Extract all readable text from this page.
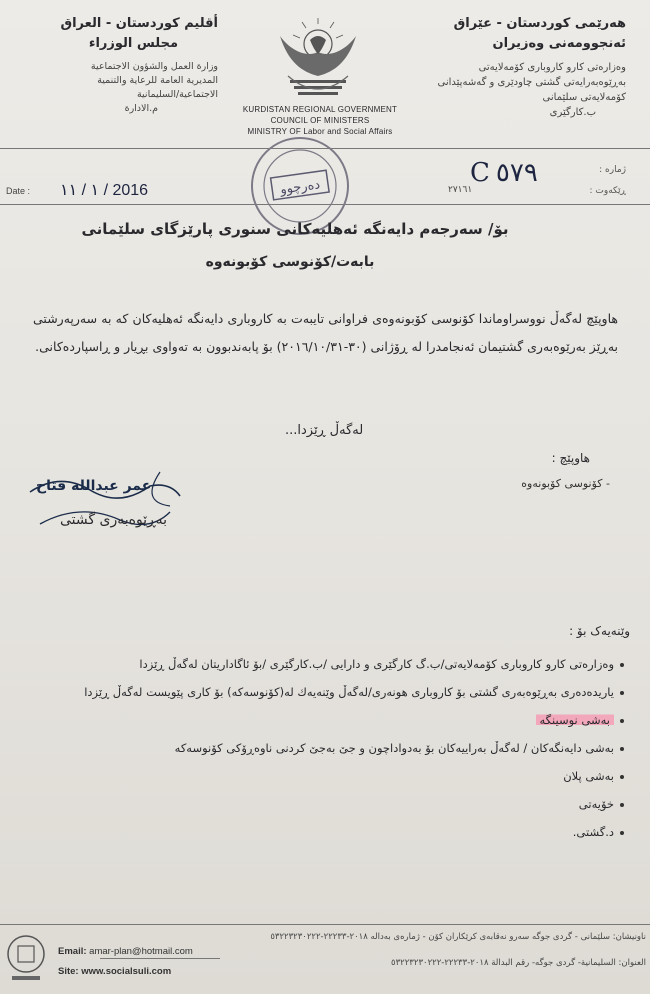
هەرێمی کوردستان - عێراق
ئەنجوومەنی وەزیران
وەزارەتی کارو کاروباری کۆمەلایەتی
بەڕێوەبەرایەتی گشتی چاودێری و گەشەپێدانی
کۆمەلایەتی سلێمانی
ب.کارگێری
أقليم كوردستان - العراق
مجلس الوزراء
وزارة العمل والشؤون الاجتماعية
المديرية العامة للرعاية والتنمية
الاجتماعية/السليمانية
م.الادارة	KURDISTAN REGIONAL GOVERNMENT
COUNCIL OF MINISTERS
MINISTRY OF Labor and Social Affairs
ژمارە :
ڕێکەوت :
C٥٧٩
٢٧١٦١
Date : ١ / ١١ / 2016	دەرچوو
بۆ/ سەرجەم دایەنگە ئەهلیەکانی سنوری پارێزگای سلێمانی
بابەت/کۆنوسی کۆبونەوە
هاوپێچ لەگەڵ نووسراوماندا کۆنوسی کۆبونەوەی فراوانی تایبەت بە کاروباری دایەنگە ئەهلیەکان کە بە سەرپەرشتی بەڕێز بەرێوەبەری گشتیمان ئەنجامدرا لە ڕۆژانی (٣٠-٢٠١٦/١٠/٣١) بۆ پابەندبوون بە تەواوی بڕیار و ڕاسپاردەکانی.
لەگەڵ ڕێزدا...
هاوپێچ :
- کۆنوسی کۆبونەوە
عمر عبدالله فتاح
بەڕێوەبەری گشتی
وێنەیەک بۆ :
وەزارەتی کارو کاروباری کۆمەلایەتی/ب.گ کارگێری و دارایی /ب.کارگێری /بۆ ئاگاداریتان لەگەڵ ڕێزدا
یاریدەدەری بەڕێوەبەری گشتی بۆ کاروباری هونەری/لەگەڵ وێنەیەك لە(کۆنوسەکە) بۆ کاری پێویست لەگەڵ ڕێزدا
بەشی نوسینگە
بەشی دایەنگەکان / لەگەڵ بەراییەکان بۆ بەدواداچون و جێ بەجێ کردنی ناوەڕۆکی کۆنوسەکە
بەشی پلان
خۆیەتی
د.گشتی.
ناونیشان: سلێمانی - گردی جوگە سەرو نەقابەی کرێکاران کۆن - ژمارەی بەدالە ٢٠١٨-٢٢٢٣٣-٥٣٢٢٣٢٣٠٢٢٢
العنوان: السليمانية- گردی جوگە- رقم البدالة ٢٠١٨-٢٢٢٣٣-٥٣٢٢٣٢٣٠٢٢٢
Email: amar-plan@hotmail.com
Site: www.socialsuli.com
